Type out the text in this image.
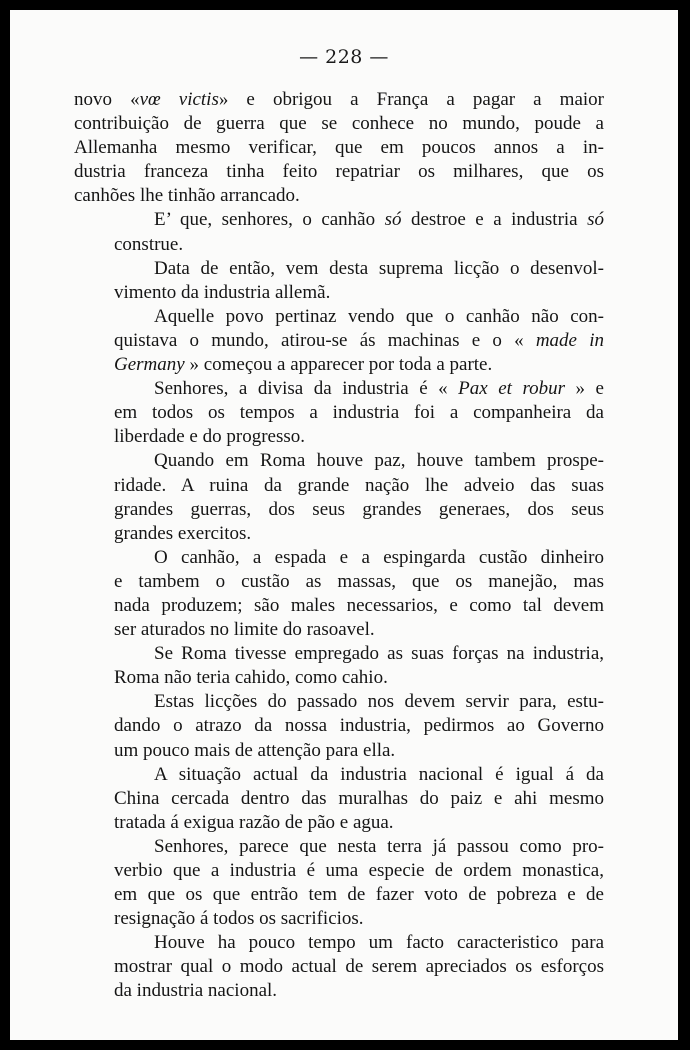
— 228 —

novo «vœ victis» e obrigou a França a pagar a maior
contribuição de guerra que se conhece no mundo, poude a
Allemanha mesmo verificar, que em poucos annos a in-
dustria franceza tinha feito repatriar os milhares, que os
canhões lhe tinhão arrancado.

E’ que, senhores, o canhão só destroe e a industria só
construe.

Data de então, vem desta suprema licção o desenvol-
vimento da industria allemã.

Aquelle povo pertinaz vendo que o canhão não con-
quistava o mundo, atirou-se ás machinas e o « made in
Germany » começou a apparecer por toda a parte.

Senhores, a divisa da industria é « Pax et robur » e
em todos os tempos a industria foi a companheira da
liberdade e do progresso.

Quando em Roma houve paz, houve tambem prospe-
ridade. A ruina da grande nação lhe adveio das suas
grandes guerras, dos seus grandes generaes, dos seus
grandes exercitos.

O canhão, a espada e a espingarda custão dinheiro
e tambem o custão as massas, que os manejão, mas
nada produzem; são males necessarios, e como tal devem
ser aturados no limite do rasoavel.

Se Roma tivesse empregado as suas forças na industria,
Roma não teria cahido, como cahio.

Estas licções do passado nos devem servir para, estu-
dando o atrazo da nossa industria, pedirmos ao Governo
um pouco mais de attenção para ella.

A situação actual da industria nacional é igual á da
China cercada dentro das muralhas do paiz e ahi mesmo
tratada á exigua razão de pão e agua.

Senhores, parece que nesta terra já passou como pro-
verbio que a industria é uma especie de ordem monastica,
em que os que entrão tem de fazer voto de pobreza e de
resignação á todos os sacrificios.

Houve ha pouco tempo um facto caracteristico para
mostrar qual o modo actual de serem apreciados os esforços
da industria nacional.
